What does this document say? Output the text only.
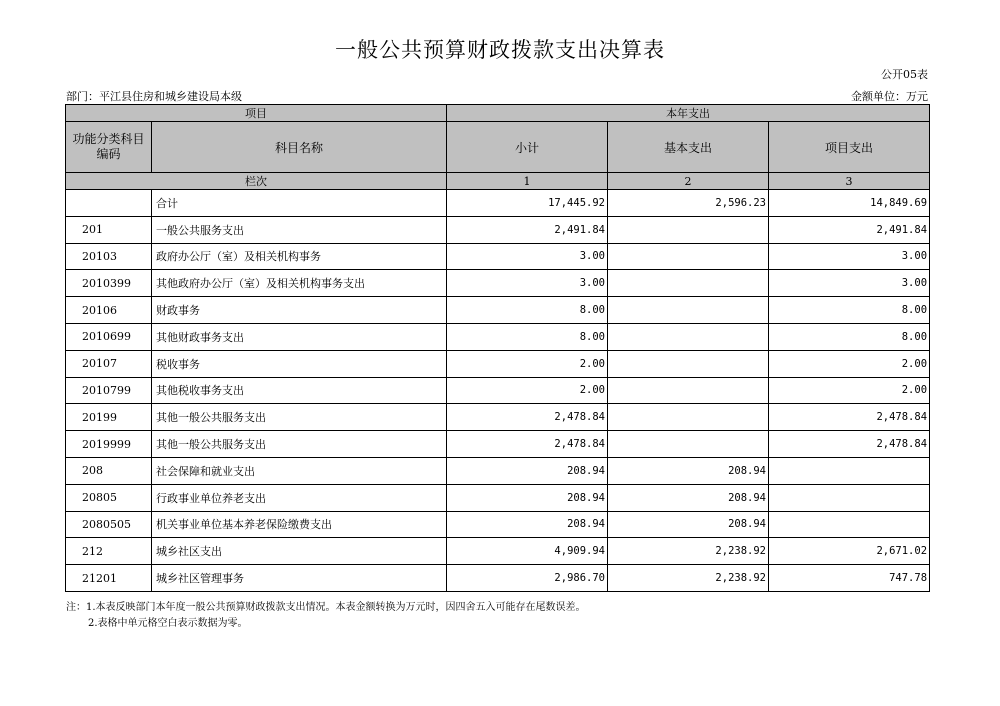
一般公共预算财政拨款支出决算表
公开05表
部门：平江县住房和城乡建设局本级	金额单位：万元
项目		本年支出		
功能分类科目编码	科目名称	小计	基本支出	项目支出
栏次		1	2	3
	合计	17,445.92	2,596.23	14,849.69
201	一般公共服务支出	2,491.84		2,491.84
20103	政府办公厅（室）及相关机构事务	3.00		3.00
2010399	其他政府办公厅（室）及相关机构事务支出	3.00		3.00
20106	财政事务	8.00		8.00
2010699	其他财政事务支出	8.00		8.00
20107	税收事务	2.00		2.00
2010799	其他税收事务支出	2.00		2.00
20199	其他一般公共服务支出	2,478.84		2,478.84
2019999	其他一般公共服务支出	2,478.84		2,478.84
208	社会保障和就业支出	208.94	208.94	
20805	行政事业单位养老支出	208.94	208.94	
2080505	机关事业单位基本养老保险缴费支出	208.94	208.94	
212	城乡社区支出	4,909.94	2,238.92	2,671.02
21201	城乡社区管理事务	2,986.70	2,238.92	747.78
注：1.本表反映部门本年度一般公共预算财政拨款支出情况。本表金额转换为万元时，因四舍五入可能存在尾数误差。
2.表格中单元格空白表示数据为零。
